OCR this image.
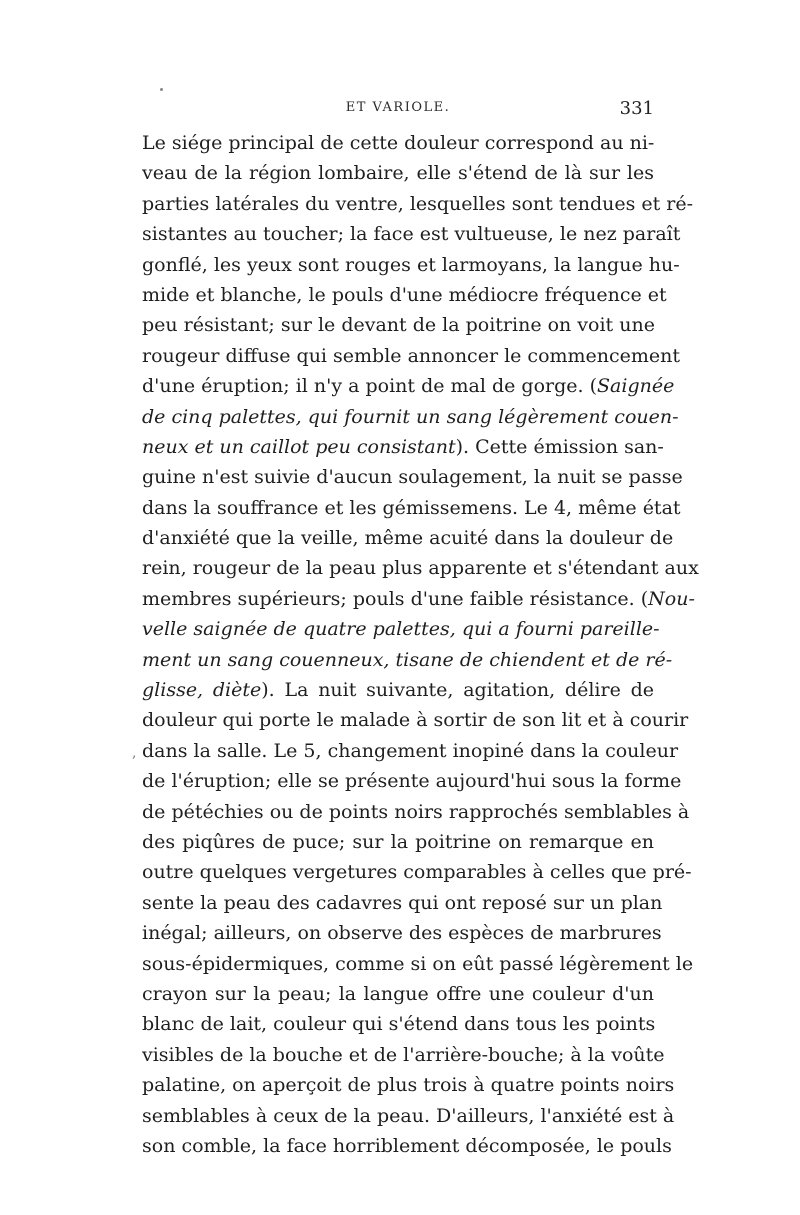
ET VARIOLE.	331
,
Le siége principal de cette douleur correspond au ni-
veau de la région lombaire, elle s'étend de là sur les
parties latérales du ventre, lesquelles sont tendues et ré-
sistantes au toucher; la face est vultueuse, le nez paraît
gonflé, les yeux sont rouges et larmoyans, la langue hu-
mide et blanche, le pouls d'une médiocre fréquence et
peu résistant; sur le devant de la poitrine on voit une
rougeur diffuse qui semble annoncer le commencement
d'une éruption; il n'y a point de mal de gorge. (Saignée
de cinq palettes, qui fournit un sang légèrement couen-
neux et un caillot peu consistant). Cette émission san-
guine n'est suivie d'aucun soulagement, la nuit se passe
dans la souffrance et les gémissemens. Le 4, même état
d'anxiété que la veille, même acuité dans la douleur de
rein, rougeur de la peau plus apparente et s'étendant aux
membres supérieurs; pouls d'une faible résistance. (Nou-
velle saignée de quatre palettes, qui a fourni pareille-
ment un sang couenneux, tisane de chiendent et de ré-
glisse, diète). La nuit suivante, agitation, délire de
douleur qui porte le malade à sortir de son lit et à courir
dans la salle. Le 5, changement inopiné dans la couleur
de l'éruption; elle se présente aujourd'hui sous la forme
de pétéchies ou de points noirs rapprochés semblables à
des piqûres de puce; sur la poitrine on remarque en
outre quelques vergetures comparables à celles que pré-
sente la peau des cadavres qui ont reposé sur un plan
inégal; ailleurs, on observe des espèces de marbrures
sous-épidermiques, comme si on eût passé légèrement le
crayon sur la peau; la langue offre une couleur d'un
blanc de lait, couleur qui s'étend dans tous les points
visibles de la bouche et de l'arrière-bouche; à la voûte
palatine, on aperçoit de plus trois à quatre points noirs
semblables à ceux de la peau. D'ailleurs, l'anxiété est à
son comble, la face horriblement décomposée, le pouls
